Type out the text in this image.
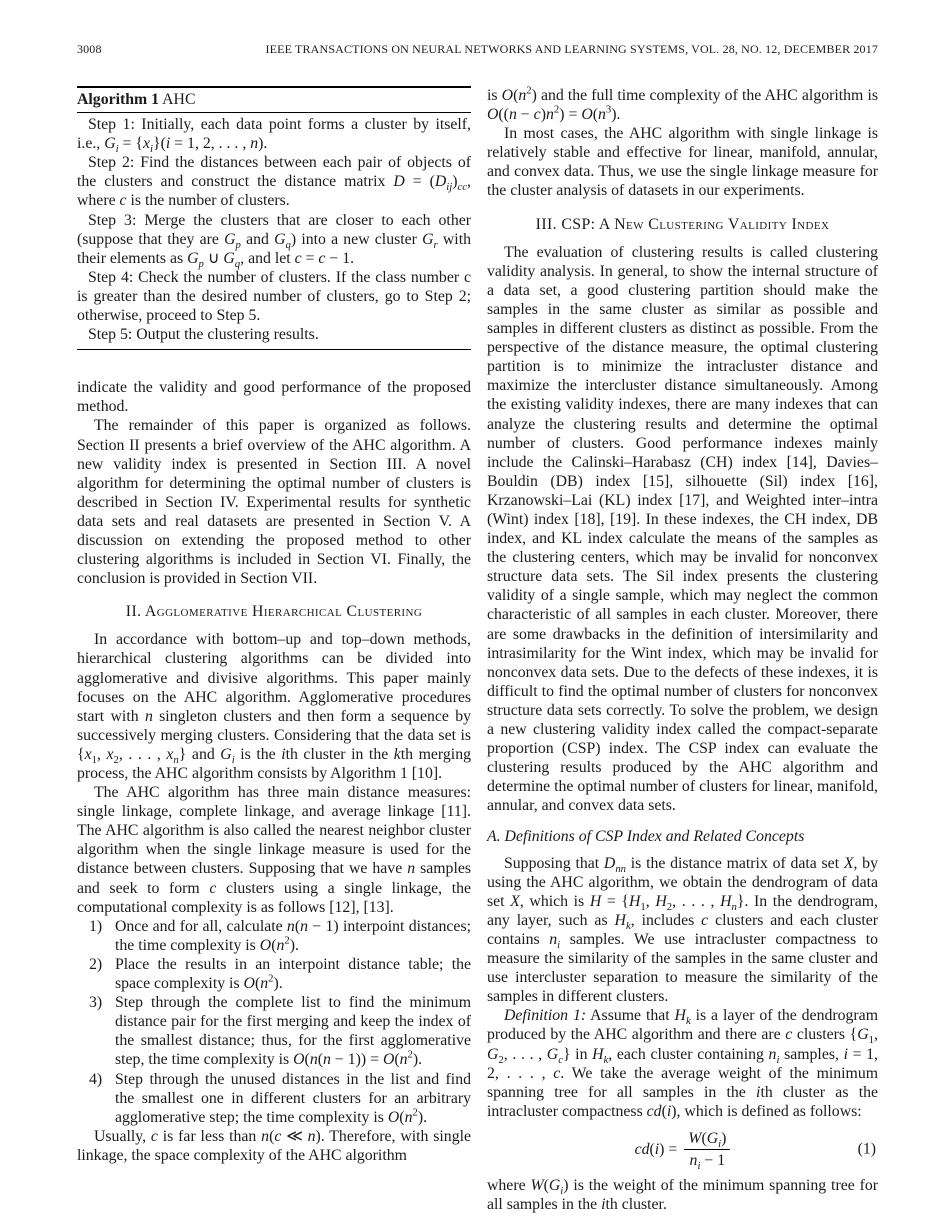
3008	IEEE TRANSACTIONS ON NEURAL NETWORKS AND LEARNING SYSTEMS, VOL. 28, NO. 12, DECEMBER 2017
Algorithm 1 AHC

Step 1: Initially, each data point forms a cluster by itself, i.e., $G_i = \{x_i\}(i = 1$, 2, . . . , n).

Step 2: Find the distances between each pair of objects of the clusters and construct the distance matrix $D = (D_{ij})_{cc}$, where c is the number of clusters.

Step 3: Merge the clusters that are closer to each other (suppose that they are $G_p$ and $G_q$) into a new cluster $G_r$ with their elements as $G_p$ ∪ $G_q$, and let c = c − 1.

Step 4: Check the number of clusters. If the class number c is greater than the desired number of clusters, go to Step 2; otherwise, proceed to Step 5.

Step 5: Output the clustering results.

indicate the validity and good performance of the proposed method.

The remainder of this paper is organized as follows. Section II presents a brief overview of the AHC algorithm. A new validity index is presented in Section III. A novel algorithm for determining the optimal number of clusters is described in Section IV. Experimental results for synthetic data sets and real datasets are presented in Section V. A discussion on extending the proposed method to other clustering algorithms is included in Section VI. Finally, the conclusion is provided in Section VII.

II. Agglomerative Hierarchical Clustering

In accordance with bottom–up and top–down methods, hierarchical clustering algorithms can be divided into agglomerative and divisive algorithms. This paper mainly focuses on the AHC algorithm. Agglomerative procedures start with n singleton clusters and then form a sequence by successively merging clusters. Considering that the data set is {$x_1$, $x_2$, . . . , $x_n$} and $G_i$ is the ith cluster in the kth merging process, the AHC algorithm consists by Algorithm 1 [10].

The AHC algorithm has three main distance measures: single linkage, complete linkage, and average linkage [11]. The AHC algorithm is also called the nearest neighbor cluster algorithm when the single linkage measure is used for the distance between clusters. Supposing that we have n samples and seek to form c clusters using a single linkage, the computational complexity is as follows [12], [13].

1) Once and for all, calculate n(n − 1) interpoint distances; the time complexity is $O(n^2)$.
2) Place the results in an interpoint distance table; the space complexity is $O(n^2)$.
3) Step through the complete list to find the minimum distance pair for the first merging and keep the index of the smallest distance; thus, for the first agglomerative step, the time complexity is $O(n(n - 1)) = O(n^2)$.
4) Step through the unused distances in the list and find the smallest one in different clusters for an arbitrary agglomerative step; the time complexity is $O(n^2)$.

Usually, c is far less than n(c ≪ n). Therefore, with single linkage, the space complexity of the AHC algorithm

is $O(n^2)$ and the full time complexity of the AHC algorithm is $O((n - c)n^2) = O(n^3)$.

In most cases, the AHC algorithm with single linkage is relatively stable and effective for linear, manifold, annular, and convex data. Thus, we use the single linkage measure for the cluster analysis of datasets in our experiments.

III. CSP: A New Clustering Validity Index

The evaluation of clustering results is called clustering validity analysis. In general, to show the internal structure of a data set, a good clustering partition should make the samples in the same cluster as similar as possible and samples in different clusters as distinct as possible. From the perspective of the distance measure, the optimal clustering partition is to minimize the intracluster distance and maximize the intercluster distance simultaneously. Among the existing validity indexes, there are many indexes that can analyze the clustering results and determine the optimal number of clusters. Good performance indexes mainly include the Calinski–Harabasz (CH) index [14], Davies–Bouldin (DB) index [15], silhouette (Sil) index [16], Krzanowski–Lai (KL) index [17], and Weighted inter–intra (Wint) index [18], [19]. In these indexes, the CH index, DB index, and KL index calculate the means of the samples as the clustering centers, which may be invalid for nonconvex structure data sets. The Sil index presents the clustering validity of a single sample, which may neglect the common characteristic of all samples in each cluster. Moreover, there are some drawbacks in the definition of intersimilarity and intrasimilarity for the Wint index, which may be invalid for nonconvex data sets. Due to the defects of these indexes, it is difficult to find the optimal number of clusters for nonconvex structure data sets correctly. To solve the problem, we design a new clustering validity index called the compact-separate proportion (CSP) index. The CSP index can evaluate the clustering results produced by the AHC algorithm and determine the optimal number of clusters for linear, manifold, annular, and convex data sets.

A. Definitions of CSP Index and Related Concepts

Supposing that $D_{nn}$ is the distance matrix of data set X, by using the AHC algorithm, we obtain the dendrogram of data set X, which is $H = \{H_1$, $H_2$, . . . , $H_n$}. In the dendrogram, any layer, such as $H_k$, includes c clusters and each cluster contains $n_i$ samples. We use intracluster compactness to measure the similarity of the samples in the same cluster and use intercluster separation to measure the similarity of the samples in different clusters.

Definition 1: Assume that $H_k$ is a layer of the dendrogram produced by the AHC algorithm and there are c clusters {$G_1$, $G_2$, . . . , $G_c$} in $H_k$, each cluster containing $n_i$ samples, i = 1, 2, . . . , c. We take the average weight of the minimum spanning tree for all samples in the ith cluster as the intracluster compactness cd(i), which is defined as follows:

$cd(i) = \frac{W(G_i)}{n_i - 1}$	(1)

where $W(G_i)$ is the weight of the minimum spanning tree for all samples in the ith cluster.
